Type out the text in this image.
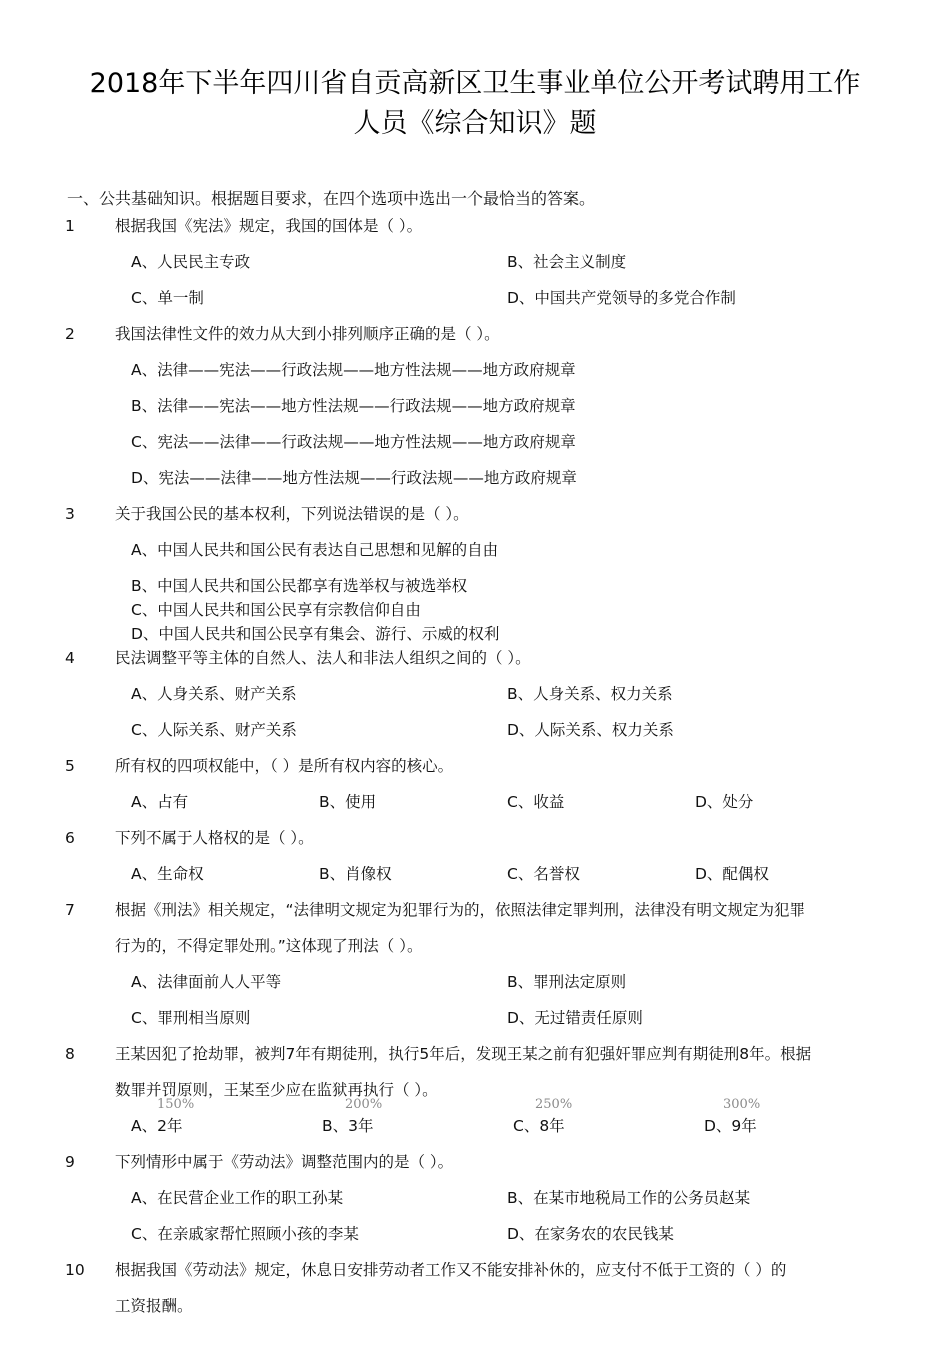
2018年下半年四川省自贡高新区卫生事业单位公开考试聘用工作
人员《综合知识》题
一、公共基础知识。根据题目要求，在四个选项中选出一个最恰当的答案。
1	根据我国《宪法》规定，我国的国体是（ ）。
A、人民民主专政	B、社会主义制度
C、单一制	D、中国共产党领导的多党合作制
2	我国法律性文件的效力从大到小排列顺序正确的是（ ）。
A、法律——宪法——行政法规——地方性法规——地方政府规章
B、法律——宪法——地方性法规——行政法规——地方政府规章
C、宪法——法律——行政法规——地方性法规——地方政府规章
D、宪法——法律——地方性法规——行政法规——地方政府规章
3	关于我国公民的基本权利，下列说法错误的是（ ）。
A、中国人民共和国公民有表达自己思想和见解的自由
B、中国人民共和国公民都享有选举权与被选举权
C、中国人民共和国公民享有宗教信仰自由
D、中国人民共和国公民享有集会、游行、示威的权利
4	民法调整平等主体的自然人、法人和非法人组织之间的（ ）。
A、人身关系、财产关系	B、人身关系、权力关系
C、人际关系、财产关系	D、人际关系、权力关系
5	所有权的四项权能中，（ ）是所有权内容的核心。
A、占有	B、使用	C、收益	D、处分
6	下列不属于人格权的是（ ）。
A、生命权	B、肖像权	C、名誉权	D、配偶权
7	根据《刑法》相关规定，“法律明文规定为犯罪行为的，依照法律定罪判刑，法律没有明文规定为犯罪
行为的，不得定罪处刑。”这体现了刑法（ ）。
A、法律面前人人平等	B、罪刑法定原则
C、罪刑相当原则	D、无过错责任原则
8	王某因犯了抢劫罪，被判7年有期徒刑，执行5年后，发现王某之前有犯强奸罪应判有期徒刑8年。根据
数罪并罚原则，王某至少应在监狱再执行（ ）。
150%	200%	250%	300%
A、2年	B、3年	C、8年	D、9年
9	下列情形中属于《劳动法》调整范围内的是（ ）。
A、在民营企业工作的职工孙某	B、在某市地税局工作的公务员赵某
C、在亲戚家帮忙照顾小孩的李某	D、在家务农的农民钱某
10	根据我国《劳动法》规定，休息日安排劳动者工作又不能安排补休的，应支付不低于工资的（ ）的
工资报酬。
